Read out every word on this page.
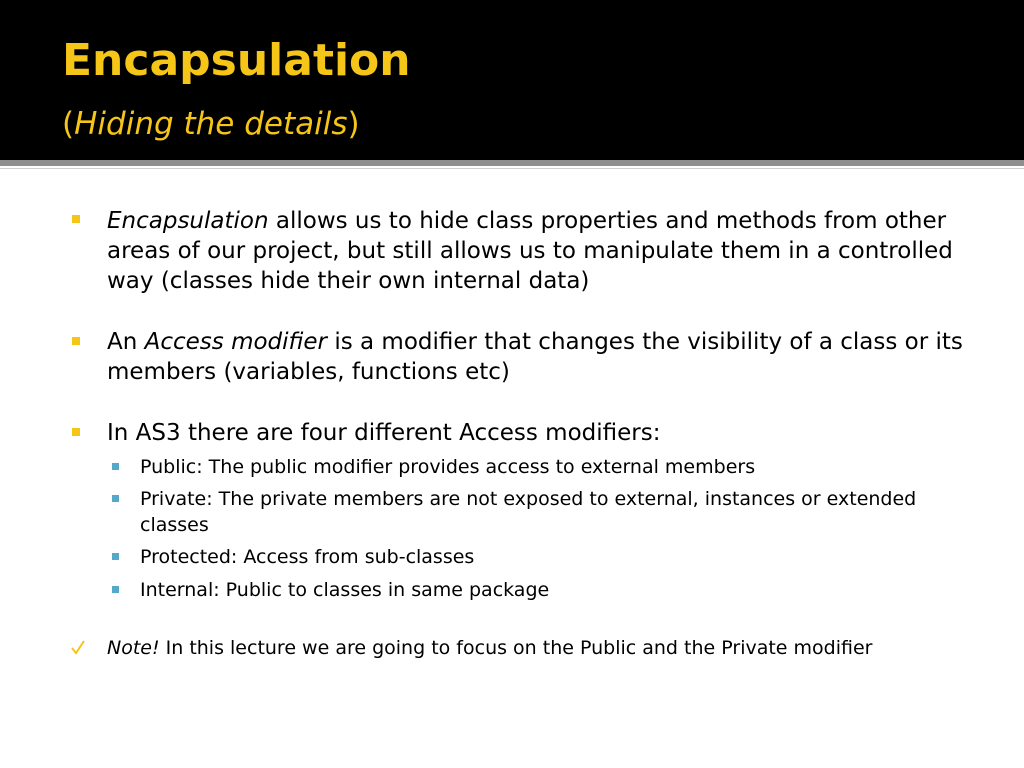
Encapsulation
(Hiding the details)

Encapsulation allows us to hide class properties and methods from other areas of our project, but still allows us to manipulate them in a controlled way (classes hide their own internal data)

An Access modifier is a modifier that changes the visibility of a class or its members (variables, functions etc)

In AS3 there are four different Access modifiers:

Public: The public modifier provides access to external members

Private: The private members are not exposed to external, instances or extended classes

Protected: Access from sub-classes

Internal: Public to classes in same package

Note! In this lecture we are going to focus on the Public and the Private modifier
